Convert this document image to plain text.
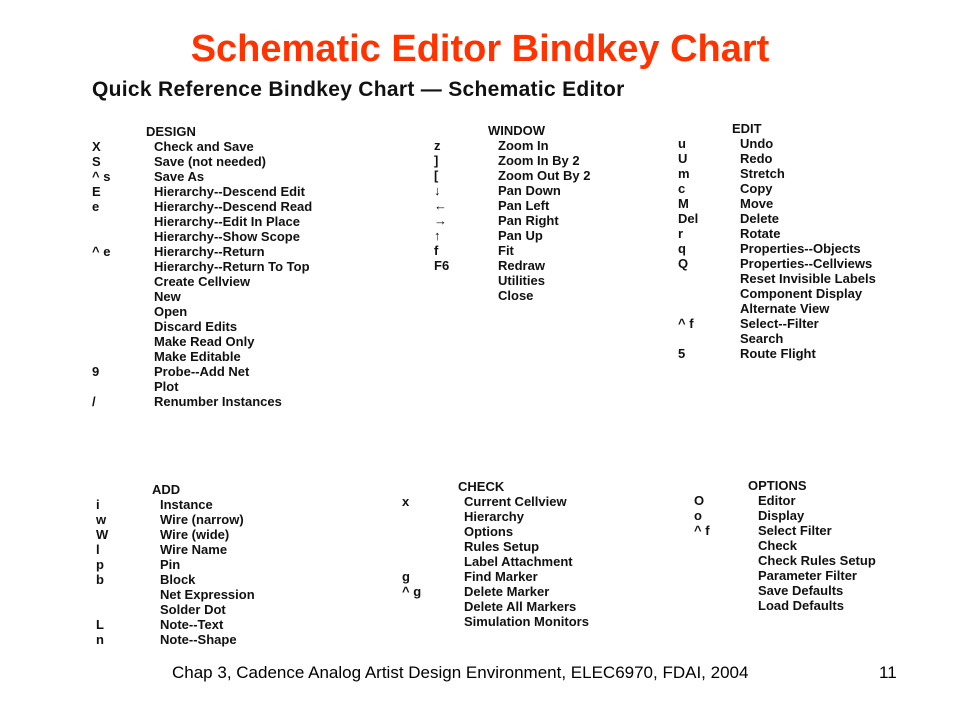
Schematic Editor Bindkey Chart
Quick Reference Bindkey Chart — Schematic Editor
DESIGN
X	Check and Save
S	Save (not needed)
^ s	Save As
E	Hierarchy--Descend Edit
e	Hierarchy--Descend Read
Hierarchy--Edit In Place
Hierarchy--Show Scope
^ e	Hierarchy--Return
Hierarchy--Return To Top
Create Cellview
New
Open
Discard Edits
Make Read Only
Make Editable
9	Probe--Add Net
Plot
/	Renumber Instances
WINDOW
z	Zoom In
]	Zoom In By 2
[	Zoom Out By 2
↓	Pan Down
←	Pan Left
→	Pan Right
↑	Pan Up
f	Fit
F6	Redraw
Utilities
Close
EDIT
u	Undo
U	Redo
m	Stretch
c	Copy
M	Move
Del	Delete
r	Rotate
q	Properties--Objects
Q	Properties--Cellviews
Reset Invisible Labels
Component Display
Alternate View
^ f	Select--Filter
Search
5	Route Flight
ADD
i	Instance
w	Wire (narrow)
W	Wire (wide)
l	Wire Name
p	Pin
b	Block
Net Expression
Solder Dot
L	Note--Text
n	Note--Shape
CHECK
x	Current Cellview
Hierarchy
Options
Rules Setup
Label Attachment
g	Find Marker
^ g	Delete Marker
Delete All Markers
Simulation Monitors
OPTIONS
O	Editor
o	Display
^ f	Select Filter
Check
Check Rules Setup
Parameter Filter
Save Defaults
Load Defaults
Chap 3, Cadence Analog Artist Design Environment, ELEC6970, FDAI, 2004	11
